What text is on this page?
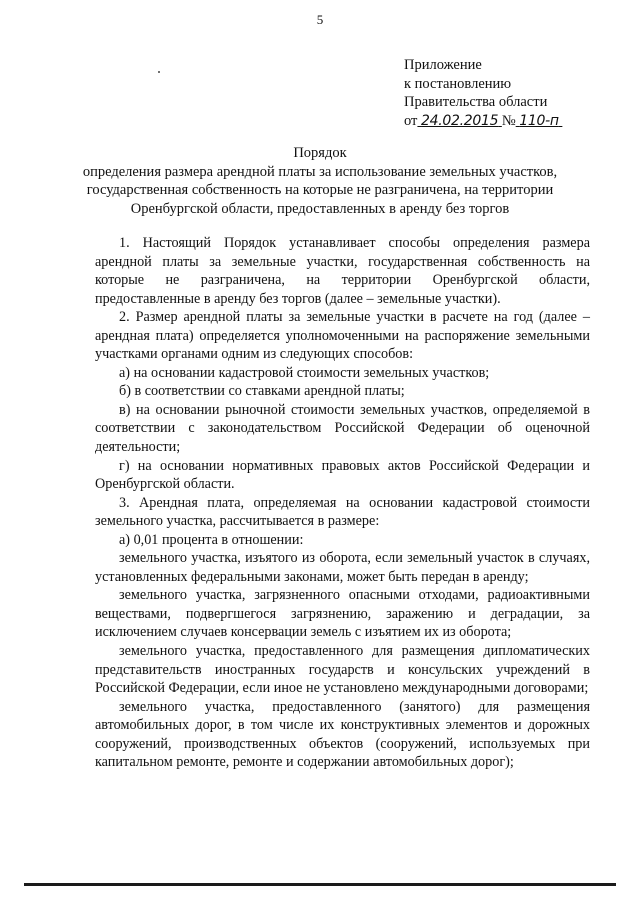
5
Приложение
к постановлению
Правительства области
от 24.02.2015 № 110-п
Порядок
определения размера арендной платы за использование земельных участков,
государственная собственность на которые не разграничена, на территории
Оренбургской области, предоставленных в аренду без торгов

1. Настоящий Порядок устанавливает способы определения размера арендной платы за земельные участки, государственная собственность на которые не разграничена, на территории Оренбургской области, предоставленные в аренду без торгов (далее – земельные участки).

2. Размер арендной платы за земельные участки в расчете на год (далее – арендная плата) определяется уполномоченными на распоряжение земельными участками органами одним из следующих способов:

а) на основании кадастровой стоимости земельных участков;

б) в соответствии со ставками арендной платы;

в) на основании рыночной стоимости земельных участков, определяемой в соответствии с законодательством Российской Федерации об оценочной деятельности;

г) на основании нормативных правовых актов Российской Федерации и Оренбургской области.

3. Арендная плата, определяемая на основании кадастровой стоимости земельного участка, рассчитывается в размере:

а) 0,01 процента в отношении:

земельного участка, изъятого из оборота, если земельный участок в случаях, установленных федеральными законами, может быть передан в аренду;

земельного участка, загрязненного опасными отходами, радиоактивными веществами, подвергшегося загрязнению, заражению и деградации, за исключением случаев консервации земель с изъятием их из оборота;

земельного участка, предоставленного для размещения дипломатических представительств иностранных государств и консульских учреждений в Российской Федерации, если иное не установлено международными договорами;

земельного участка, предоставленного (занятого) для размещения автомобильных дорог, в том числе их конструктивных элементов и дорожных сооружений, производственных объектов (сооружений, используемых при капитальном ремонте, ремонте и содержании автомобильных дорог);
